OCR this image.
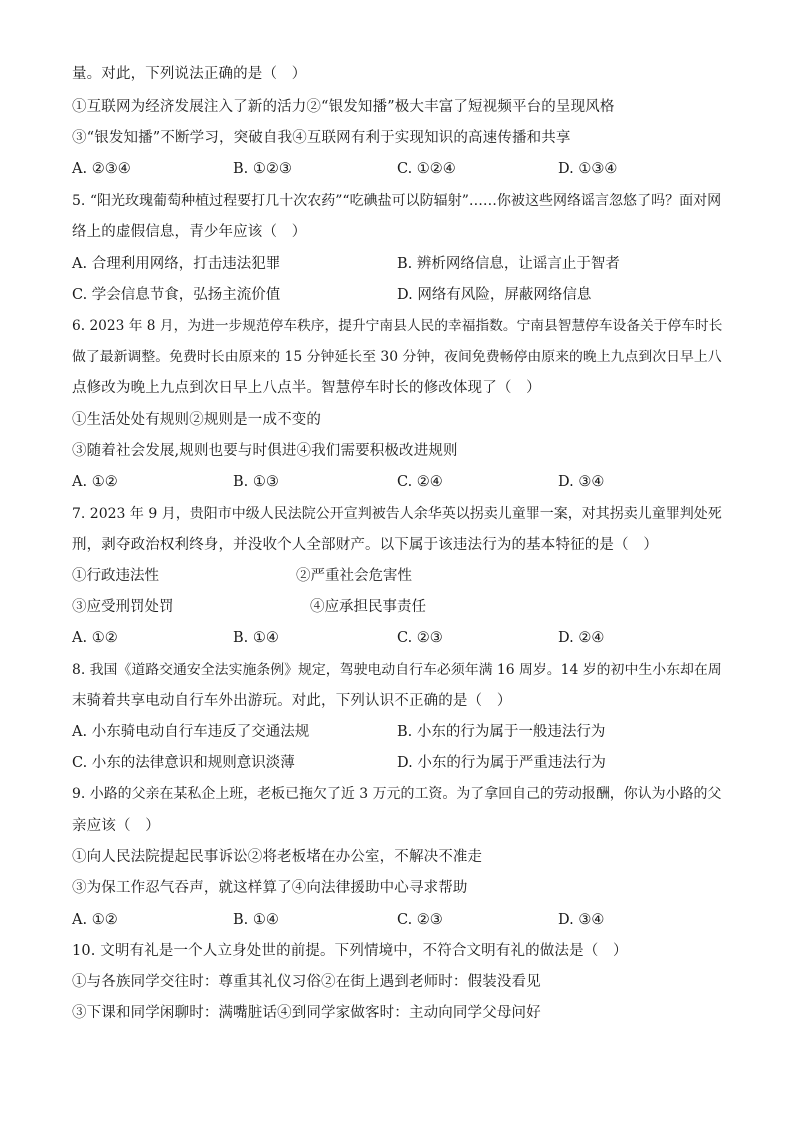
量。对此，下列说法正确的是（　）
①互联网为经济发展注入了新的活力②“银发知播”极大丰富了短视频平台的呈现风格
③“银发知播”不断学习，突破自我④互联网有利于实现知识的高速传播和共享
A. ②③④	B. ①②③	C. ①②④	D. ①③④
5. “阳光玫瑰葡萄种植过程要打几十次农药”“吃碘盐可以防辐射”……你被这些网络谣言忽悠了吗？面对网
络上的虚假信息，青少年应该（　）
A. 合理利用网络，打击违法犯罪	B. 辨析网络信息，让谣言止于智者
C. 学会信息节食，弘扬主流价值	D. 网络有风险，屏蔽网络信息
6. 2023 年 8 月，为进一步规范停车秩序，提升宁南县人民的幸福指数。宁南县智慧停车设备关于停车时长
做了最新调整。免费时长由原来的 15 分钟延长至 30 分钟，夜间免费畅停由原来的晚上九点到次日早上八
点修改为晚上九点到次日早上八点半。智慧停车时长的修改体现了（　）
①生活处处有规则②规则是一成不变的
③随着社会发展,规则也要与时俱进④我们需要积极改进规则
A. ①②	B. ①③	C. ②④	D. ③④
7. 2023 年 9 月，贵阳市中级人民法院公开宣判被告人余华英以拐卖儿童罪一案，对其拐卖儿童罪判处死
刑，剥夺政治权利终身，并没收个人全部财产。以下属于该违法行为的基本特征的是（　）
①行政违法性	②严重社会危害性
③应受刑罚处罚	④应承担民事责任
A. ①②	B. ①④	C. ②③	D. ②④
8. 我国《道路交通安全法实施条例》规定，驾驶电动自行车必须年满 16 周岁。14 岁的初中生小东却在周
末骑着共享电动自行车外出游玩。对此，下列认识不正确的是（　）
A. 小东骑电动自行车违反了交通法规	B. 小东的行为属于一般违法行为
C. 小东的法律意识和规则意识淡薄	D. 小东的行为属于严重违法行为
9. 小路的父亲在某私企上班，老板已拖欠了近 3 万元的工资。为了拿回自己的劳动报酬，你认为小路的父
亲应该（　）
①向人民法院提起民事诉讼②将老板堵在办公室，不解决不准走
③为保工作忍气吞声，就这样算了④向法律援助中心寻求帮助
A. ①②	B. ①④	C. ②③	D. ③④
10. 文明有礼是一个人立身处世的前提。下列情境中，不符合文明有礼的做法是（　）
①与各族同学交往时：尊重其礼仪习俗②在街上遇到老师时：假装没看见
③下课和同学闲聊时：满嘴脏话④到同学家做客时：主动向同学父母问好
